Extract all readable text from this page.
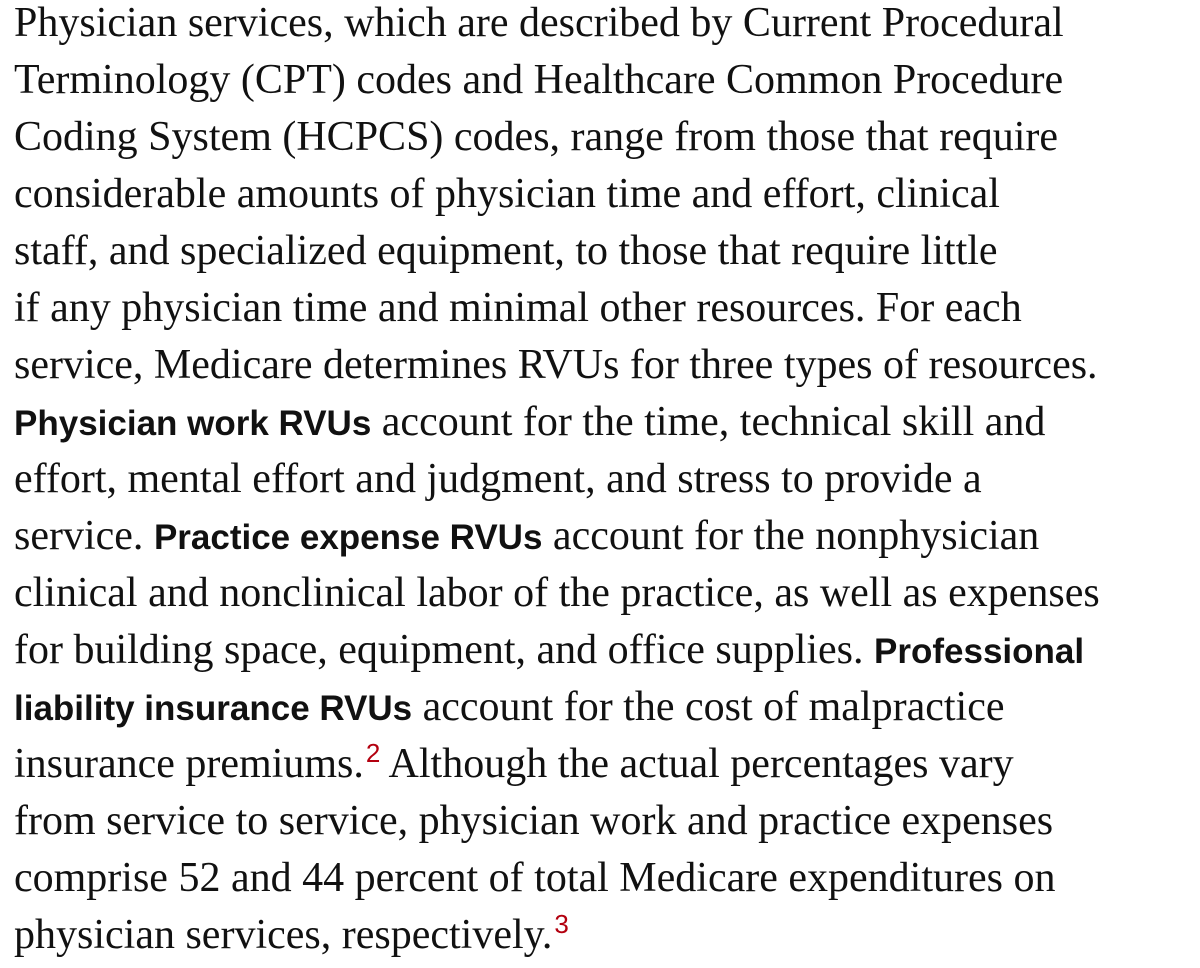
Physician services, which are described by Current Procedural
Terminology (CPT) codes and Healthcare Common Procedure
Coding System (HCPCS) codes, range from those that require
considerable amounts of physician time and effort, clinical
staff, and specialized equipment, to those that require little
if any physician time and minimal other resources. For each
service, Medicare determines RVUs for three types of resources.
Physician work RVUs account for the time, technical skill and
effort, mental effort and judgment, and stress to provide a
service. Practice expense RVUs account for the nonphysician
clinical and nonclinical labor of the practice, as well as expenses
for building space, equipment, and office supplies. Professional
liability insurance RVUs account for the cost of malpractice
insurance premiums.$^2$ Although the actual percentages vary
from service to service, physician work and practice expenses
comprise 52 and 44 percent of total Medicare expenditures on
physician services, respectively.$^3$
